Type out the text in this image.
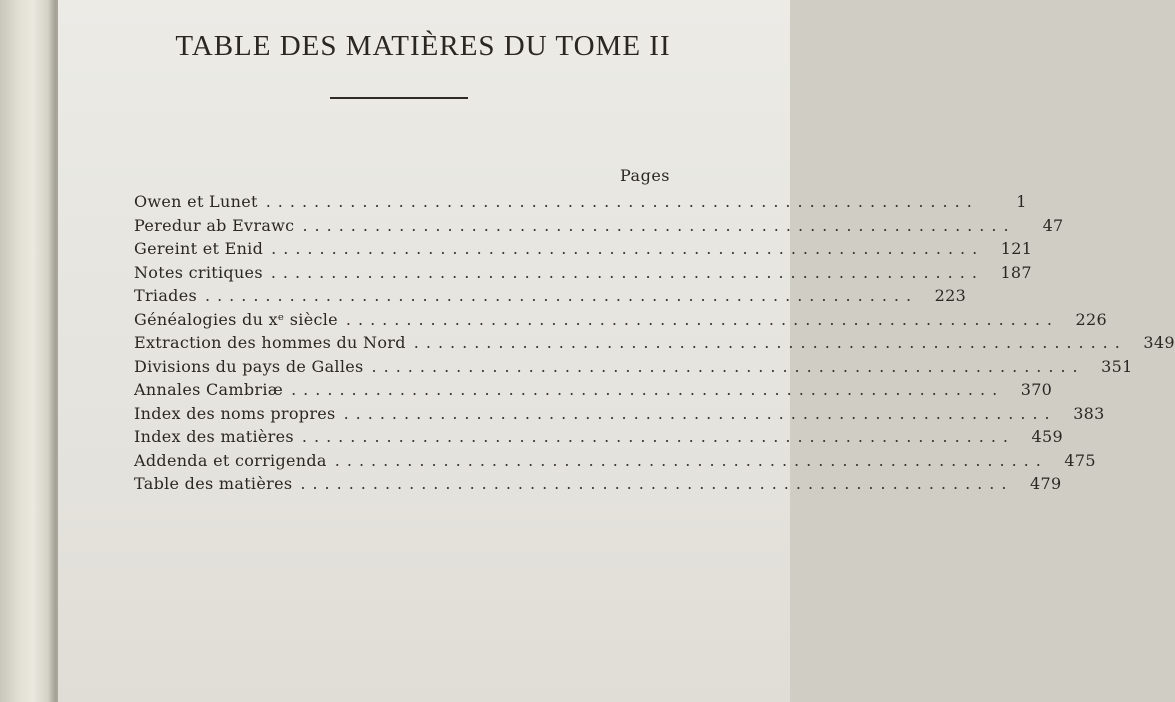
TABLE DES MATIÈRES DU TOME II
Pages
Owen et Lunet ...........................................................	1
Peredur ab Evrawc ...........................................................	47
Gereint et Enid ...........................................................	121
Notes critiques ...........................................................	187
Triades ...........................................................	223
Généalogies du xᵉ siècle ...........................................................	226
Extraction des hommes du Nord ...........................................................	349
Divisions du pays de Galles ...........................................................	351
Annales Cambriæ ...........................................................	370
Index des noms propres ...........................................................	383
Index des matières ...........................................................	459
Addenda et corrigenda ...........................................................	475
Table des matières ...........................................................	479
